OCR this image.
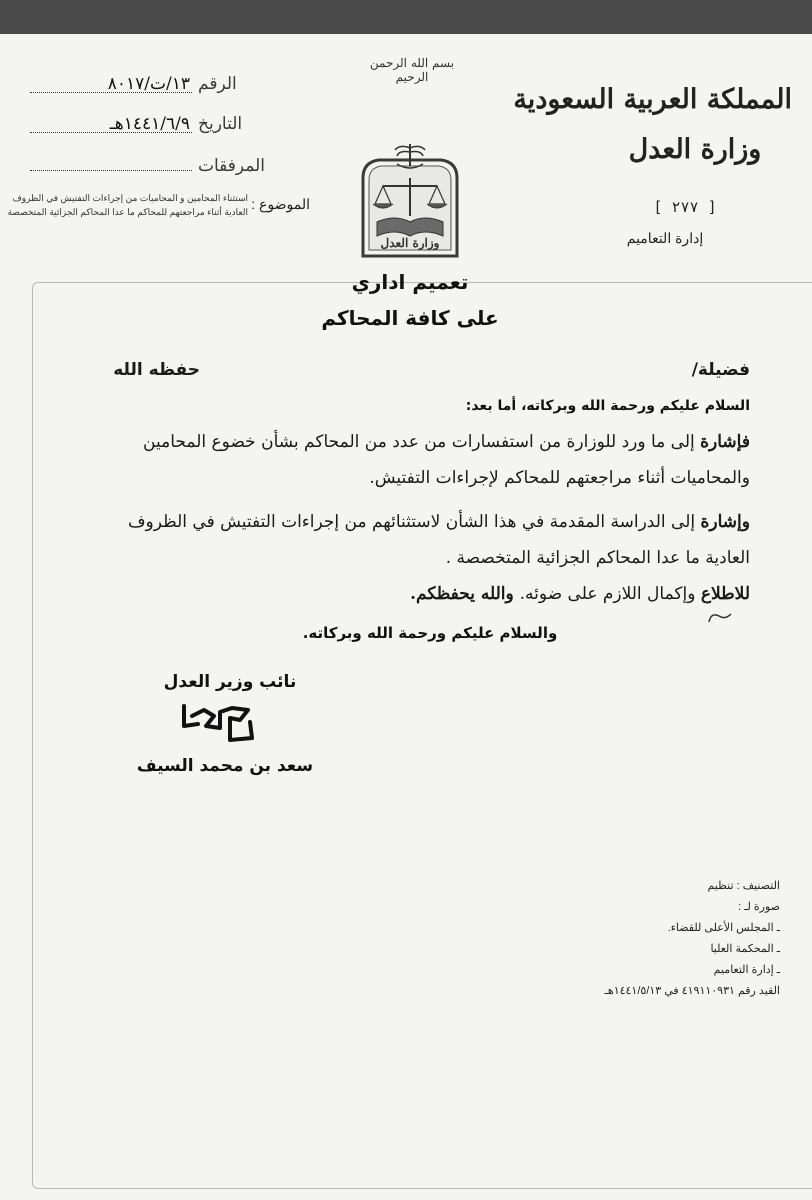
بسم الله الرحمن الرحيم
الرقم
١٣/ت/٨٠١٧
التاريخ
١٤٤١/٦/٩هـ
المرفقات
الموضوع :
استثناء المحامين و المحاميات من إجراءات التفتيش في الظروف
العادية أثناء مراجعتهم للمحاكم ما عدا المحاكم الجزائية المتخصصة
وزارة العدل
المملكة العربية السعودية
وزارة العدل
[ ٢٧٧ ]
إدارة التعاميم
تعميم اداري
على كافة المحاكم
فضيلة/
حفظه الله
السلام عليكم ورحمة الله وبركاته، أما بعد:
فإشارة إلى ما ورد للوزارة من استفسارات من عدد من المحاكم بشأن خضوع المحامين
والمحاميات أثناء مراجعتهم للمحاكم لإجراءات التفتيش.
وإشارة إلى الدراسة المقدمة في هذا الشأن لاستثنائهم من إجراءات التفتيش في الظروف
العادية ما عدا المحاكم الجزائية المتخصصة .
للاطلاع وإكمال اللازم على ضوئه. والله يحفظكم.
والسلام عليكم ورحمة الله وبركاته.
نائب وزير العدل
سعد بن محمد السيف
التصنيف : تنظيم
صورة لـ :
ـ المجلس الأعلى للقضاء.
ـ المحكمة العليا
ـ إدارة التعاميم
القيد رقم ٤١٩١١٠٩٣١ في ١٤٤١/٥/١٣هـ
